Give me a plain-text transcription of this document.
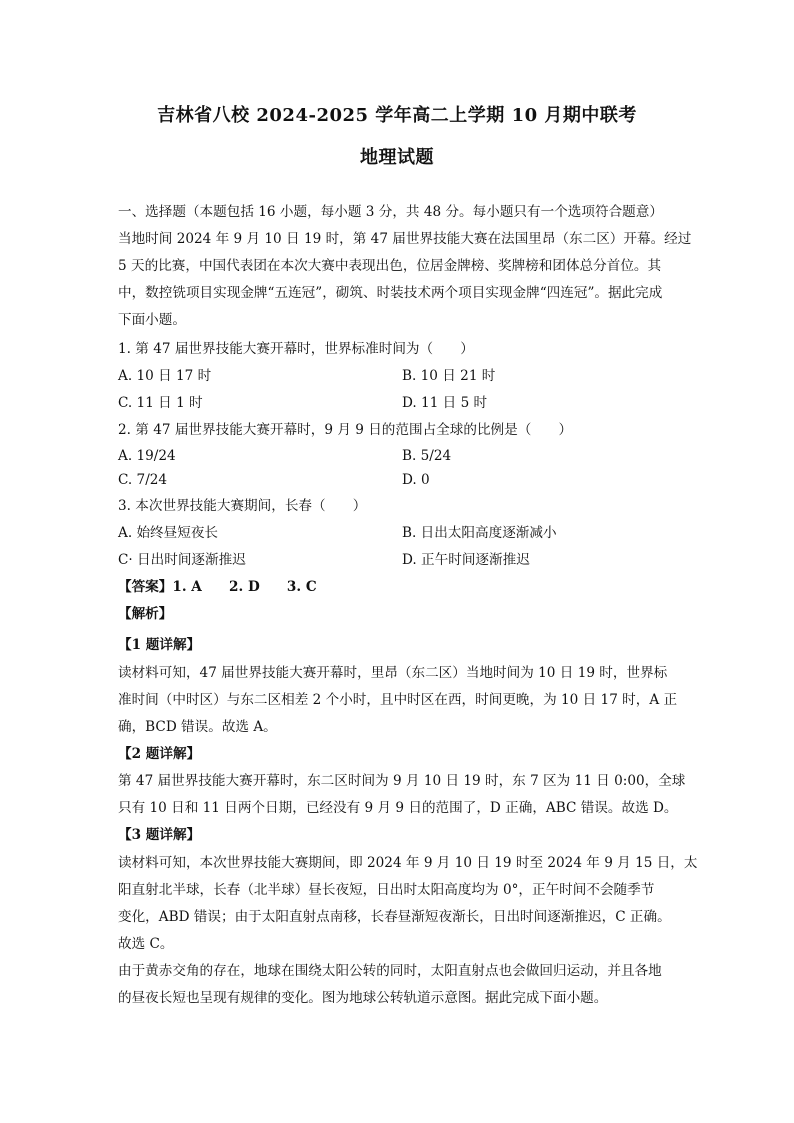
吉林省八校 2024-2025 学年高二上学期 10 月期中联考
地理试题
一、选择题（本题包括 16 小题，每小题 3 分，共 48 分。每小题只有一个选项符合题意）
当地时间 2024 年 9 月 10 日 19 时，第 47 届世界技能大赛在法国里昂（东二区）开幕。经过
5 天的比赛，中国代表团在本次大赛中表现出色，位居金牌榜、奖牌榜和团体总分首位。其
中，数控铣项目实现金牌“五连冠”，砌筑、时装技术两个项目实现金牌“四连冠”。据此完成
下面小题。
1. 第 47 届世界技能大赛开幕时，世界标准时间为（　　）
A. 10 日 17 时	B. 10 日 21 时
C. 11 日 1 时	D. 11 日 5 时
2. 第 47 届世界技能大赛开幕时，9 月 9 日的范围占全球的比例是（　　）
A. 19/24	B. 5/24
C. 7/24	D. 0
3. 本次世界技能大赛期间，长春（　　）
A. 始终昼短夜长	B. 日出太阳高度逐渐减小
C· 日出时间逐渐推迟	D. 正午时间逐渐推迟
【答案】1. A　　2. D　　3. C
【解析】
【1 题详解】
读材料可知，47 届世界技能大赛开幕时，里昂（东二区）当地时间为 10 日 19 时，世界标
准时间（中时区）与东二区相差 2 个小时，且中时区在西，时间更晚，为 10 日 17 时，A 正
确，BCD 错误。故选 A。
【2 题详解】
第 47 届世界技能大赛开幕时，东二区时间为 9 月 10 日 19 时，东 7 区为 11 日 0:00，全球
只有 10 日和 11 日两个日期，已经没有 9 月 9 日的范围了，D 正确，ABC 错误。故选 D。
【3 题详解】
读材料可知，本次世界技能大赛期间，即 2024 年 9 月 10 日 19 时至 2024 年 9 月 15 日，太
阳直射北半球，长春（北半球）昼长夜短，日出时太阳高度均为 0°，正午时间不会随季节
变化，ABD 错误；由于太阳直射点南移，长春昼渐短夜渐长，日出时间逐渐推迟，C 正确。
故选 C。
由于黄赤交角的存在，地球在围绕太阳公转的同时，太阳直射点也会做回归运动，并且各地
的昼夜长短也呈现有规律的变化。图为地球公转轨道示意图。据此完成下面小题。
